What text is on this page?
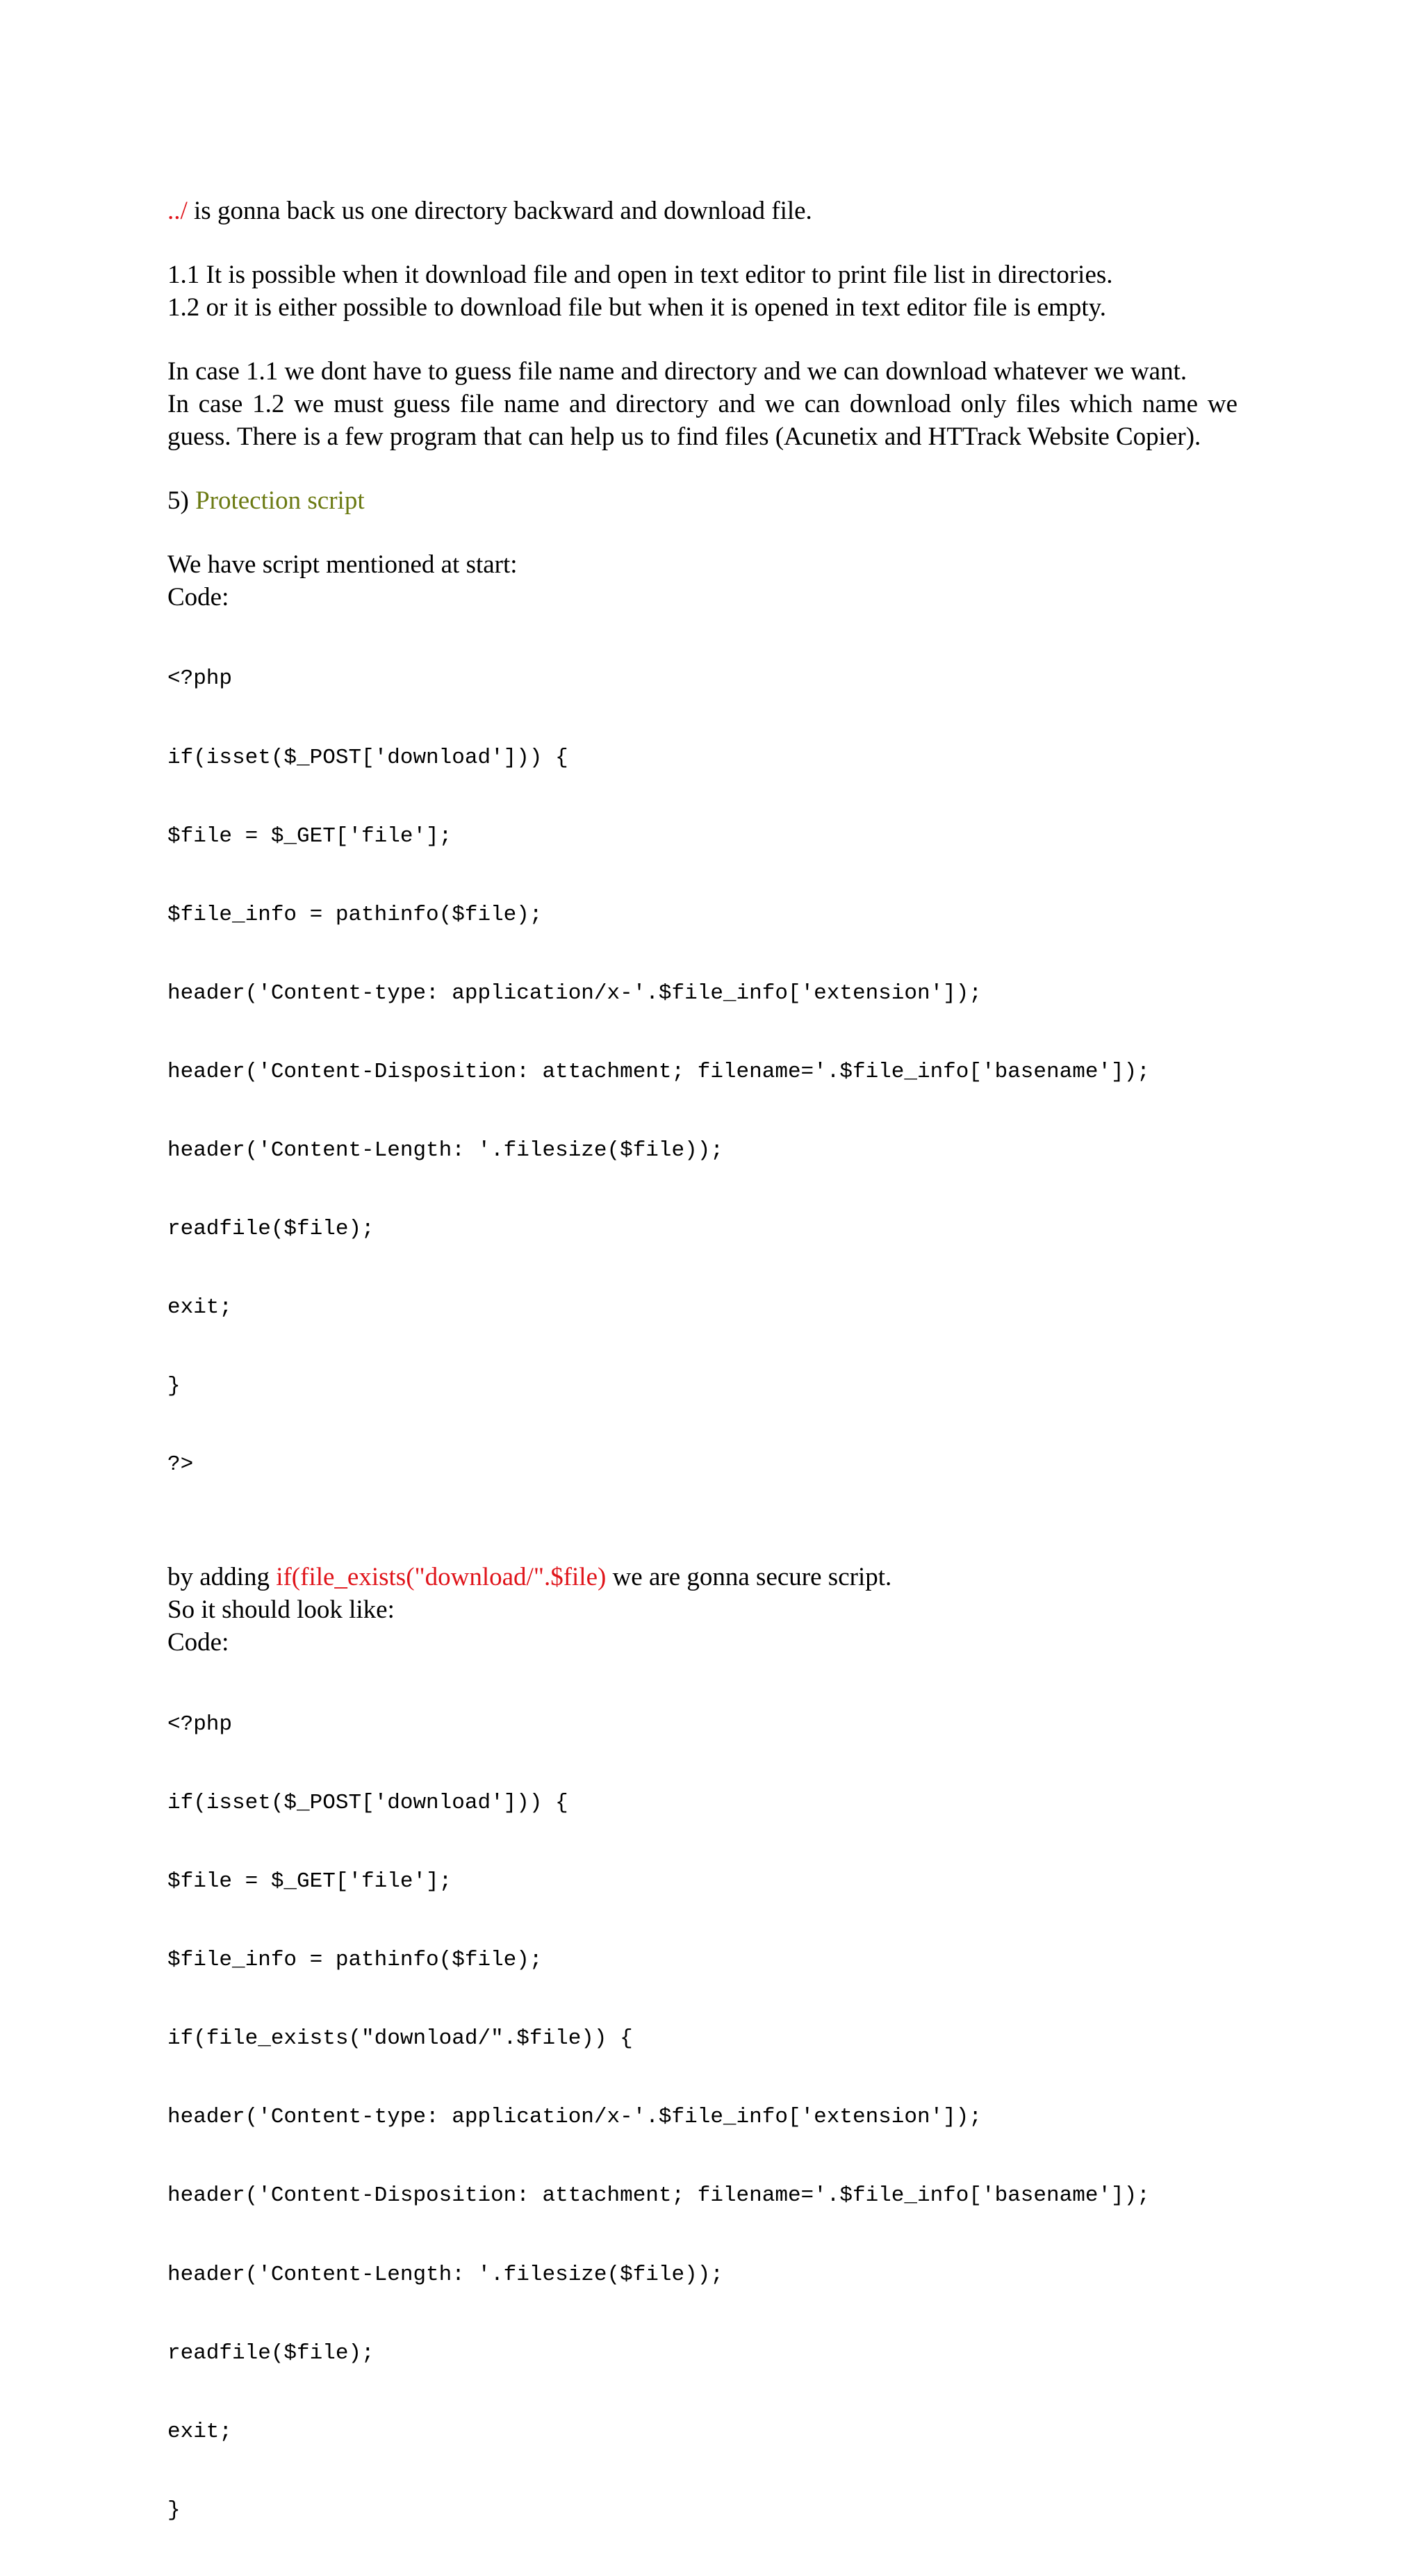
../ is gonna back us one directory backward and download file.

1.1 It is possible when it download file and open in text editor to print file list in directories.

1.2 or it is either possible to download file but when it is opened in text editor file is empty.

In case 1.1 we dont have to guess file name and directory and we can download whatever we want.

In case 1.2 we must guess file name and directory and we can download only files which name we guess. There is a few program that can help us to find files (Acunetix and HTTrack Website Copier).

5) Protection script

We have script mentioned at start:

Code:

<?php

if(isset($_POST['download'])) {

$file = $_GET['file'];

$file_info = pathinfo($file);

header('Content-type: application/x-'.$file_info['extension']);

header('Content-Disposition: attachment; filename='.$file_info['basename']);

header('Content-Length: '.filesize($file));

readfile($file);

exit;

}

?>

by adding if(file_exists("download/".$file) we are gonna secure script.

So it should look like:

Code:

<?php

if(isset($_POST['download'])) {

$file = $_GET['file'];

$file_info = pathinfo($file);

if(file_exists("download/".$file)) {

header('Content-type: application/x-'.$file_info['extension']);

header('Content-Disposition: attachment; filename='.$file_info['basename']);

header('Content-Length: '.filesize($file));

readfile($file);

exit;

}
